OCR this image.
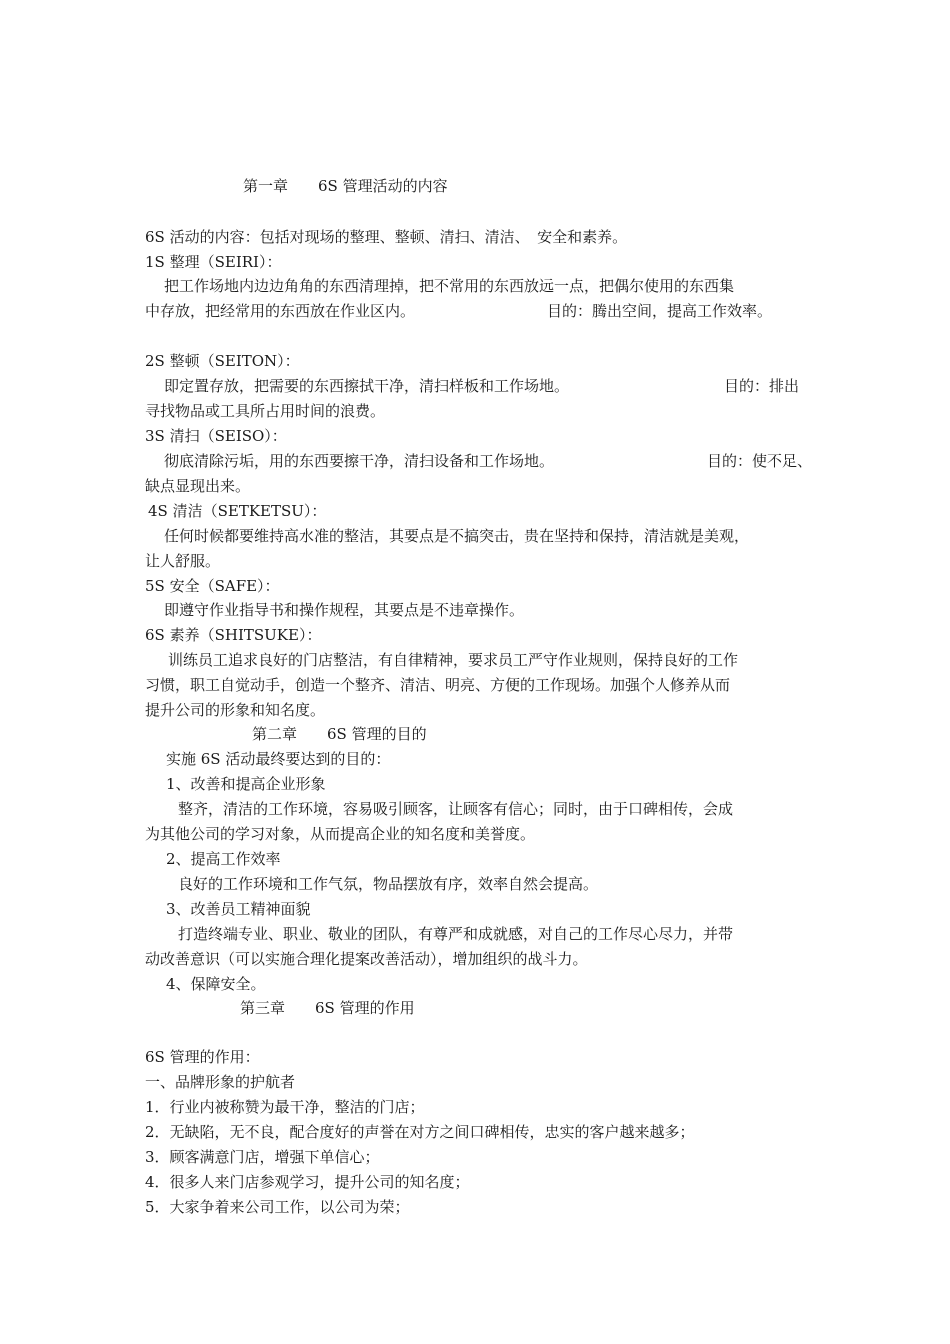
第一章　　6S 管理活动的内容
6S 活动的内容：包括对现场的整理、整顿、清扫、清洁、　安全和素养。
1S 整理（SEIRI）：
把工作场地内边边角角的东西清理掉，把不常用的东西放远一点，把偶尔使用的东西集
中存放，把经常用的东西放在作业区内。	目的：腾出空间，提高工作效率。
2S 整顿（SEITON）：
即定置存放，把需要的东西擦拭干净，清扫样板和工作场地。	目的：排出
寻找物品或工具所占用时间的浪费。
3S 清扫（SEISO）：
彻底清除污垢，用的东西要擦干净，清扫设备和工作场地。	目的：使不足、
缺点显现出来。
4S 清洁（SETKETSU）：
任何时候都要维持高水准的整洁，其要点是不搞突击，贵在坚持和保持，清洁就是美观，
让人舒服。
5S 安全（SAFE）：
即遵守作业指导书和操作规程，其要点是不违章操作。
6S 素养（SHITSUKE）：
训练员工追求良好的门店整洁，有自律精神，要求员工严守作业规则，保持良好的工作
习惯，职工自觉动手，创造一个整齐、清洁、明亮、方便的工作现场。加强个人修养从而
提升公司的形象和知名度。
第二章　　6S 管理的目的
实施 6S 活动最终要达到的目的：
1、改善和提高企业形象
整齐，清洁的工作环境，容易吸引顾客，让顾客有信心；同时，由于口碑相传，会成
为其他公司的学习对象，从而提高企业的知名度和美誉度。
2、提高工作效率
良好的工作环境和工作气氛，物品摆放有序，效率自然会提高。
3、改善员工精神面貌
打造终端专业、职业、敬业的团队，有尊严和成就感，对自己的工作尽心尽力，并带
动改善意识（可以实施合理化提案改善活动），增加组织的战斗力。
4、保障安全。
第三章　　6S 管理的作用
6S 管理的作用：
一、品牌形象的护航者
1．行业内被称赞为最干净，整洁的门店；
2．无缺陷，无不良，配合度好的声誉在对方之间口碑相传，忠实的客户越来越多；
3．顾客满意门店，增强下单信心；
4．很多人来门店参观学习，提升公司的知名度；
5．大家争着来公司工作，以公司为荣；
